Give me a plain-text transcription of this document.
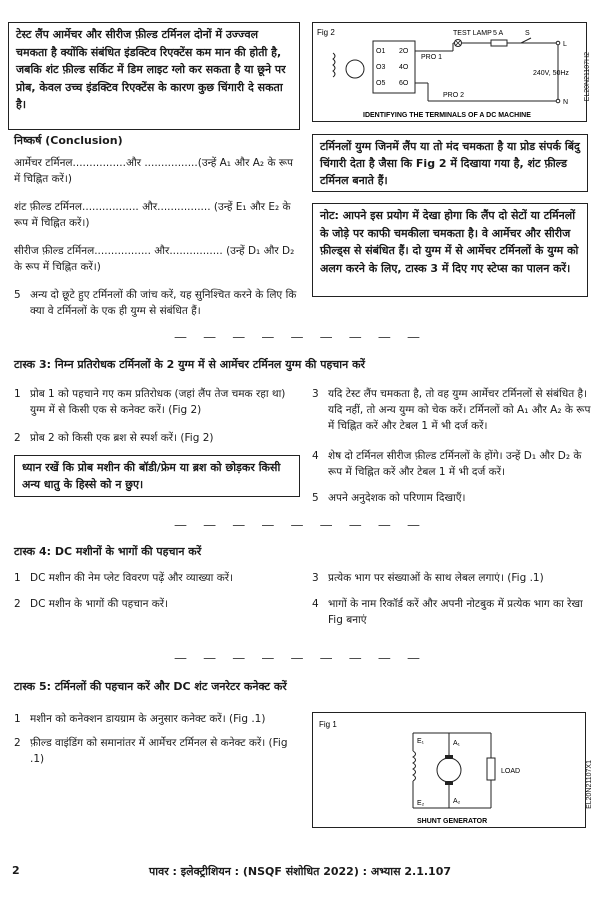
टेस्ट लैंप आर्मेचर और सीरीज फ़ील्ड टर्मिनल दोनों में उज्ज्वल चमकता है क्योंकि संबंधित इंडक्टिव रिएक्टेंस कम मान की होती है, जबकि शंट फ़ील्ड सर्किट में डिम लाइट ग्लो कर सकता है या छूने पर प्रोब, केवल उच्च इंडक्टिव रिएक्टेंस के कारण कुछ चिंगारी दे सकता है।
Fig 2
O1 2O
O3 4O
O5 6O
PRO 1
TEST LAMP 5 A	S
L
240V, 50Hz
N
PRO 2
IDENTIFYING THE TERMINALS OF A DC MACHINE
EL20N21107H2
निष्कर्ष (Conclusion)
आर्मेचर टर्मिनल................और ................(उन्हें A₁ और A₂ के रूप में चिह्नित करें।)
शंट फ़ील्ड टर्मिनल................. और................ (उन्हें E₁ और E₂ के रूप में चिह्नित करें।)
सीरीज फ़ील्ड टर्मिनल................. और................ (उन्हें D₁ और D₂ के रूप में चिह्नित करें।)
5 अन्य दो छूटे हुए टर्मिनलों की जांच करें, यह सुनिश्चित करने के लिए कि क्या वे टर्मिनलों के एक ही युग्म से संबंधित हैं।
टर्मिनलों युग्म जिनमें लैंप या तो मंद चमकता है या प्रोड संपर्क बिंदु चिंगारी देता है जैसा कि Fig 2 में दिखाया गया है, शंट फ़ील्ड टर्मिनल बनाते हैं।
नोट: आपने इस प्रयोग में देखा होगा कि लैंप दो सेटों या टर्मिनलों के जोड़े पर काफी चमकीला चमकता है। वे आर्मेचर और सीरीज फ़ील्ड्स से संबंधित हैं। दो युग्म में से आर्मेचर टर्मिनलों के युग्म को अलग करने के लिए, टास्क 3 में दिए गए स्टेप्स का पालन करें।
— — — — — — — — —
टास्क 3: निम्न प्रतिरोधक टर्मिनलों के 2 युग्म में से आर्मेचर टर्मिनल युग्म की पहचान करें
1 प्रोब 1 को पहचाने गए कम प्रतिरोधक (जहां लैंप तेज चमक रहा था) युग्म में से किसी एक से कनेक्ट करें। (Fig 2)
2 प्रोब 2 को किसी एक ब्रश से स्पर्श करें। (Fig 2)
ध्यान रखें कि प्रोब मशीन की बॉडी/फ्रेम या ब्रश को छोड़कर किसी अन्य धातु के हिस्से को न छुए।
3 यदि टेस्ट लैंप चमकता है, तो वह युग्म आर्मेचर टर्मिनलों से संबंधित है। यदि नहीं, तो अन्य युग्म को चेक करें। टर्मिनलों को A₁ और A₂ के रूप में चिह्नित करें और टेबल 1 में भी दर्ज करें।
4 शेष दो टर्मिनल सीरीज फ़ील्ड टर्मिनलों के होंगे। उन्हें D₁ और D₂ के रूप में चिह्नित करें और टेबल 1 में भी दर्ज करें।
5 अपने अनुदेशक को परिणाम दिखाएँ।
— — — — — — — — —
टास्क 4: DC मशीनों के भागों की पहचान करें
1 DC मशीन की नेम प्लेट विवरण पढ़ें और व्याख्या करें।
2 DC मशीन के भागों की पहचान करें।
3 प्रत्येक भाग पर संख्याओं के साथ लेबल लगाएं। (Fig .1)
4 भागों के नाम रिकॉर्ड करें और अपनी नोटबुक में प्रत्येक भाग का रेखा Fig बनाएं
— — — — — — — — —
टास्क 5: टर्मिनलों की पहचान करें और DC शंट जनरेटर कनेक्ट करें
1 मशीन को कनेक्शन डायग्राम के अनुसार कनेक्ट करें। (Fig .1)
2 फ़ील्ड वाइंडिंग को समानांतर में आर्मेचर टर्मिनल से कनेक्ट करें। (Fig .1)
Fig 1
E₁
E₂
A₁
A₂
LOAD
SHUNT GENERATOR
EL20N21107X1
2	पावर : इलेक्ट्रीशियन : (NSQF संशोधित 2022) : अभ्यास 2.1.107
